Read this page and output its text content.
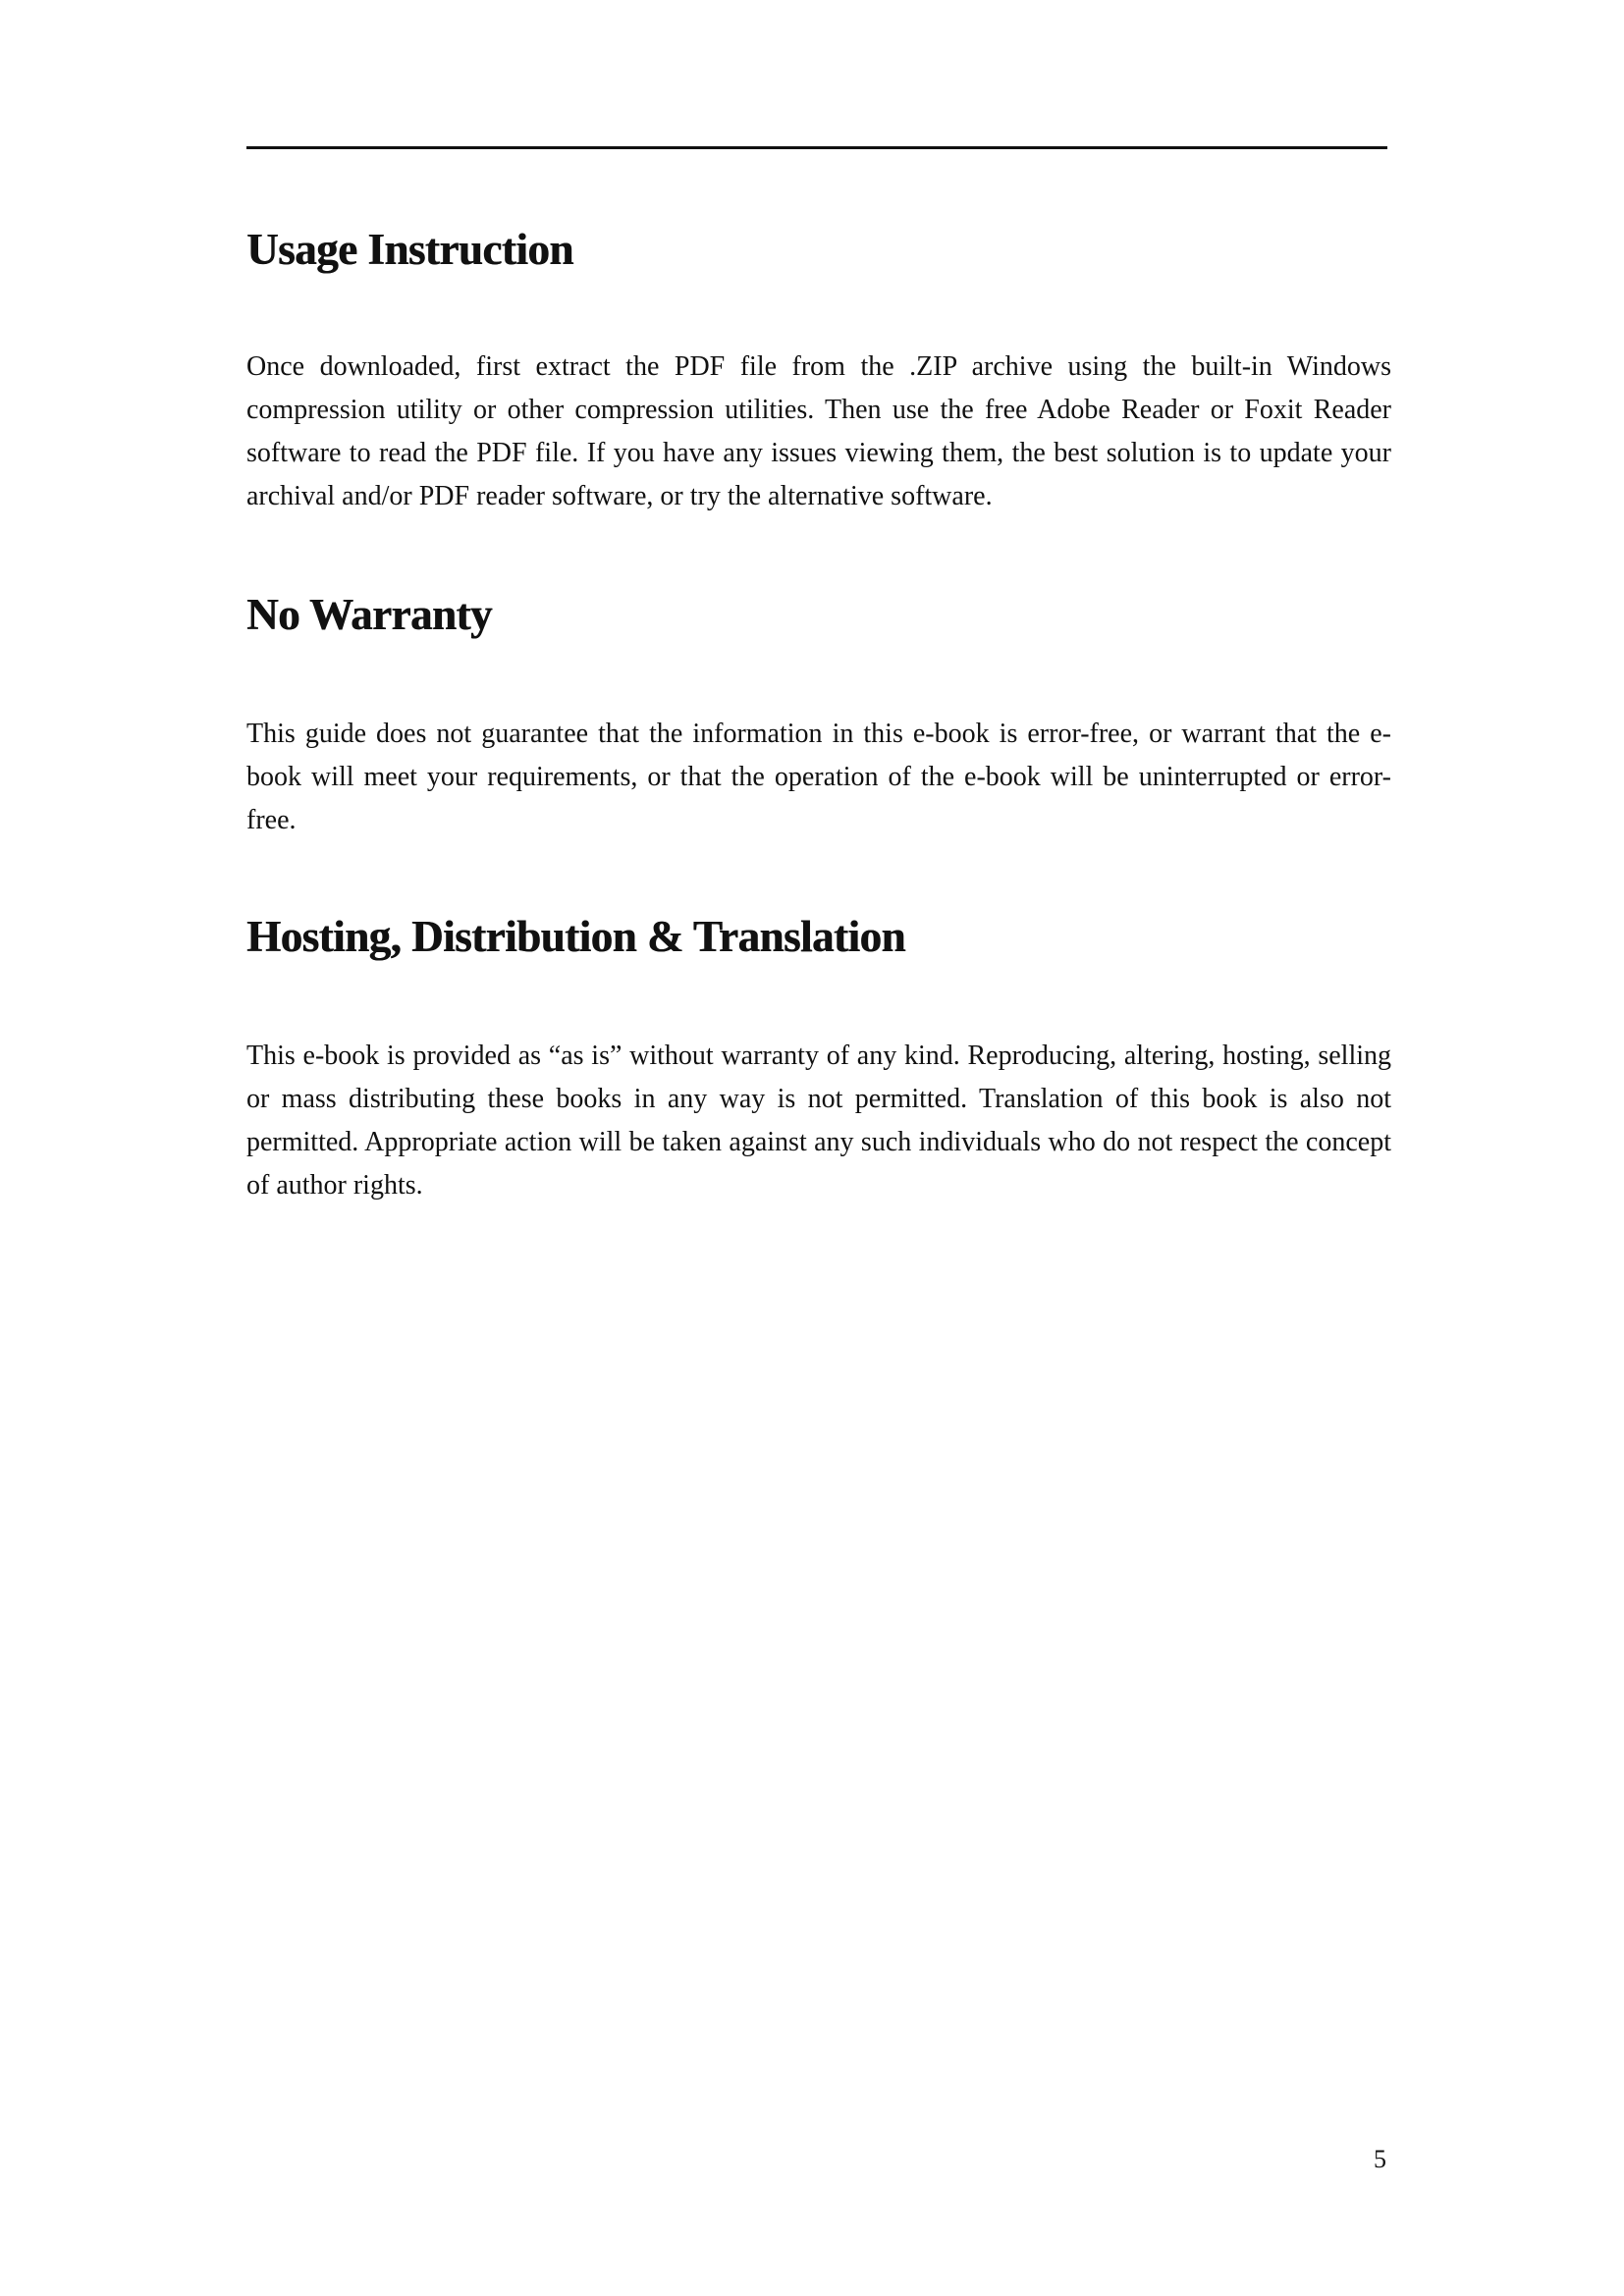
Usage Instruction

Once downloaded, first extract the PDF file from the .ZIP archive using the built-in Windows compression utility or other compression utilities. Then use the free Adobe Reader or Foxit Reader software to read the PDF file. If you have any issues viewing them, the best solution is to update your archival and/or PDF reader software, or try the alternative software.

No Warranty

This guide does not guarantee that the information in this e-book is error-free, or warrant that the e-book will meet your requirements, or that the operation of the e-book will be uninterrupted or error-free.

Hosting, Distribution & Translation

This e-book is provided as “as is” without warranty of any kind. Reproducing, altering, hosting, selling or mass distributing these books in any way is not permitted. Translation of this book is also not permitted. Appropriate action will be taken against any such individuals who do not respect the concept of author rights.

5
